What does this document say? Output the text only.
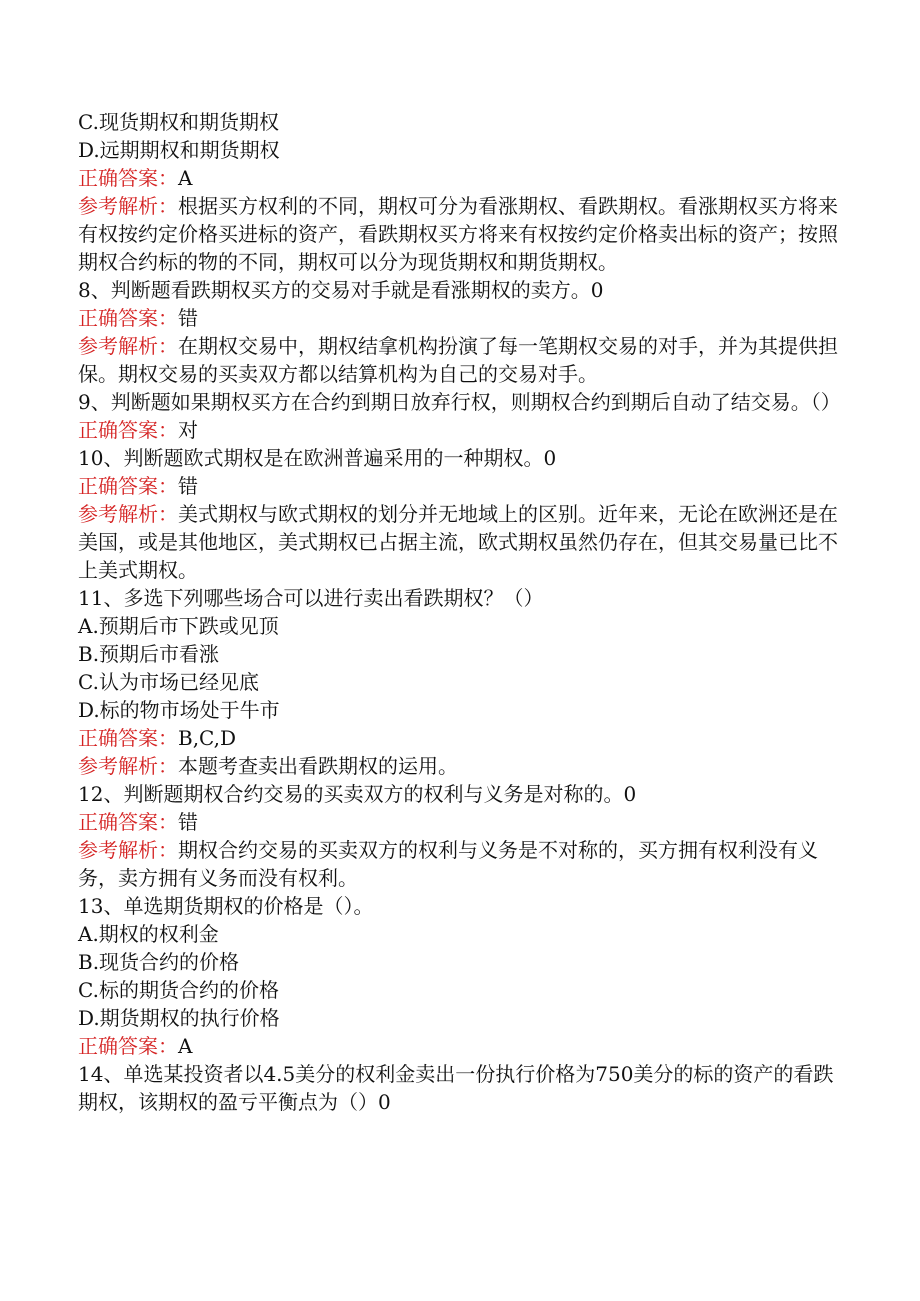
C.现货期权和期货期权

D.远期期权和期货期权

正确答案：A

参考解析：根据买方权利的不同，期权可分为看涨期权、看跌期权。看涨期权买方将来有权按约定价格买进标的资产，看跌期权买方将来有权按约定价格卖出标的资产；按照期权合约标的物的不同，期权可以分为现货期权和期货期权。

8、判断题看跌期权买方的交易对手就是看涨期权的卖方。0

正确答案：错

参考解析：在期权交易中，期权结拿机构扮演了每一笔期权交易的对手，并为其提供担保。期权交易的买卖双方都以结算机构为自己的交易对手。

9、判断题如果期权买方在合约到期日放弃行权，则期权合约到期后自动了结交易。（）

正确答案：对

10、判断题欧式期权是在欧洲普遍采用的一种期权。0

正确答案：错

参考解析：美式期权与欧式期权的划分并无地域上的区别。近年来，无论在欧洲还是在美国，或是其他地区，美式期权已占据主流，欧式期权虽然仍存在，但其交易量已比不上美式期权。

11、多选下列哪些场合可以进行卖出看跌期权？（）

A.预期后市下跌或见顶

B.预期后市看涨

C.认为市场已经见底

D.标的物市场处于牛市

正确答案：B,C,D

参考解析：本题考查卖出看跌期权的运用。

12、判断题期权合约交易的买卖双方的权利与义务是对称的。0

正确答案：错

参考解析：期权合约交易的买卖双方的权利与义务是不对称的，买方拥有权利没有义务，卖方拥有义务而没有权利。

13、单选期货期权的价格是（）。

A.期权的权利金

B.现货合约的价格

C.标的期货合约的价格

D.期货期权的执行价格

正确答案：A

14、单选某投资者以4.5美分的权利金卖出一份执行价格为750美分的标的资产的看跌期权，该期权的盈亏平衡点为（）0
